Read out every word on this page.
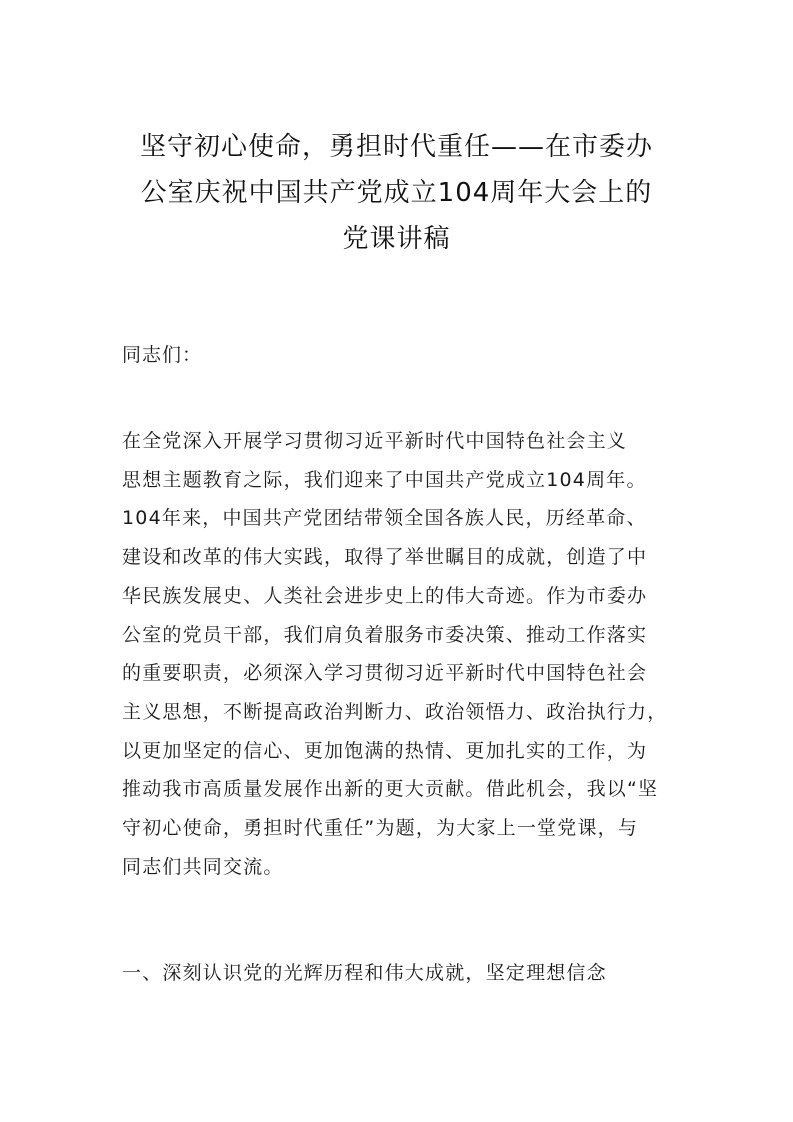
坚守初心使命，勇担时代重任——在市委办
公室庆祝中国共产党成立104周年大会上的
党课讲稿
同志们：
在全党深入开展学习贯彻习近平新时代中国特色社会主义
思想主题教育之际，我们迎来了中国共产党成立104周年。
104年来，中国共产党团结带领全国各族人民，历经革命、
建设和改革的伟大实践，取得了举世瞩目的成就，创造了中
华民族发展史、人类社会进步史上的伟大奇迹。作为市委办
公室的党员干部，我们肩负着服务市委决策、推动工作落实
的重要职责，必须深入学习贯彻习近平新时代中国特色社会
主义思想，不断提高政治判断力、政治领悟力、政治执行力，
以更加坚定的信心、更加饱满的热情、更加扎实的工作，为
推动我市高质量发展作出新的更大贡献。借此机会，我以“坚
守初心使命，勇担时代重任”为题，为大家上一堂党课，与
同志们共同交流。
一、深刻认识党的光辉历程和伟大成就，坚定理想信念
